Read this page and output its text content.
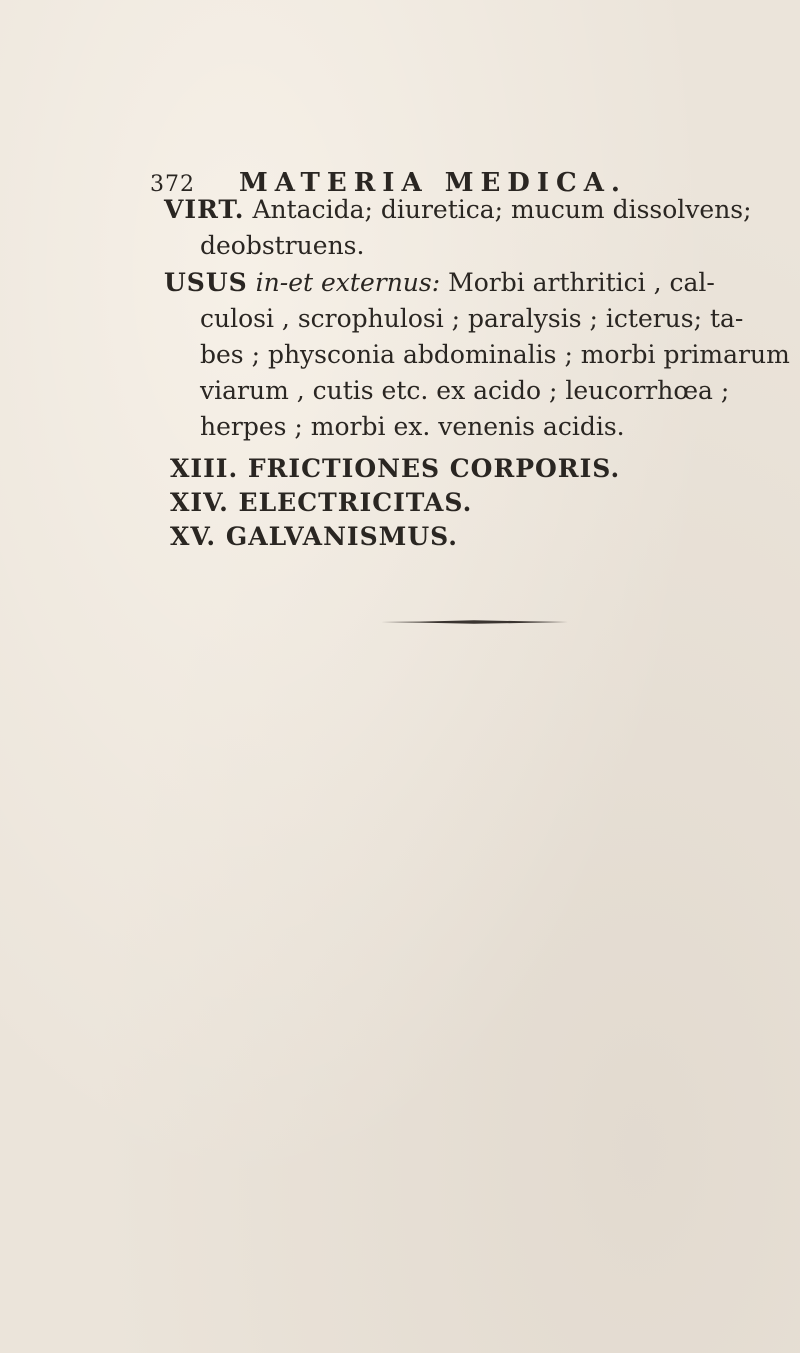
372 MATERIA MEDICA.
VIRT. Antacida; diuretica; mucum dissolvens;
deobstruens.
USUS in-et externus: Morbi arthritici , cal-
culosi , scrophulosi ; paralysis ; icterus; ta-
bes ; physconia abdominalis ; morbi primarum
viarum , cutis etc. ex acido ; leucorrhœa ;
herpes ; morbi ex. venenis acidis.
XIII. FRICTIONES CORPORIS.
XIV. ELECTRICITAS.
XV. GALVANISMUS.
